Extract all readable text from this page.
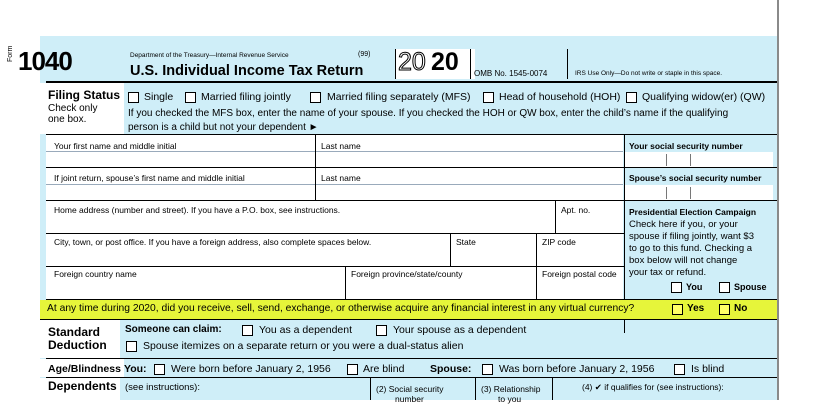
Form 1040	Department of the Treasury—Internal Revenue Service	(99)
U.S. Individual Income Tax Return 20 20 OMB No. 1545-0074	IRS Use Only—Do not write or staple in this space.
Filing Status
Check only
one box.
Single	Married filing jointly	Married filing separately (MFS)	Head of household (HOH) Qualifying widow(er) (QW)
If you checked the MFS box, enter the name of your spouse. If you checked the HOH or QW box, enter the child’s name if the qualifying
person is a child but not your dependent ►
Your first name and middle initial	Last name	Your social security number
If joint return, spouse’s first name and middle initial	Last name	Spouse’s social security number
Home address (number and street). If you have a P.O. box, see instructions.	Apt. no.
City, town, or post office. If you have a foreign address, also complete spaces below.	State	ZIP code
Foreign country name	Foreign province/state/county	Foreign postal code
Presidential Election Campaign
Check here if you, or your
spouse if filing jointly, want $3
to go to this fund. Checking a
box below will not change
your tax or refund.
You	Spouse
At any time during 2020, did you receive, sell, send, exchange, or otherwise acquire any financial interest in any virtual currency?	Yes	No
Standard
Deduction
Someone can claim:	You as a dependent	Your spouse as a dependent
Spouse itemizes on a separate return or you were a dual-status alien
Age/Blindness You: Were born before January 2, 1956	Are blind Spouse:	Was born before January 2, 1956	Is blind
Dependents (see instructions):	(2) Social security
number
(3) Relationship
to you
(4) ✔ if qualifies for (see instructions):
